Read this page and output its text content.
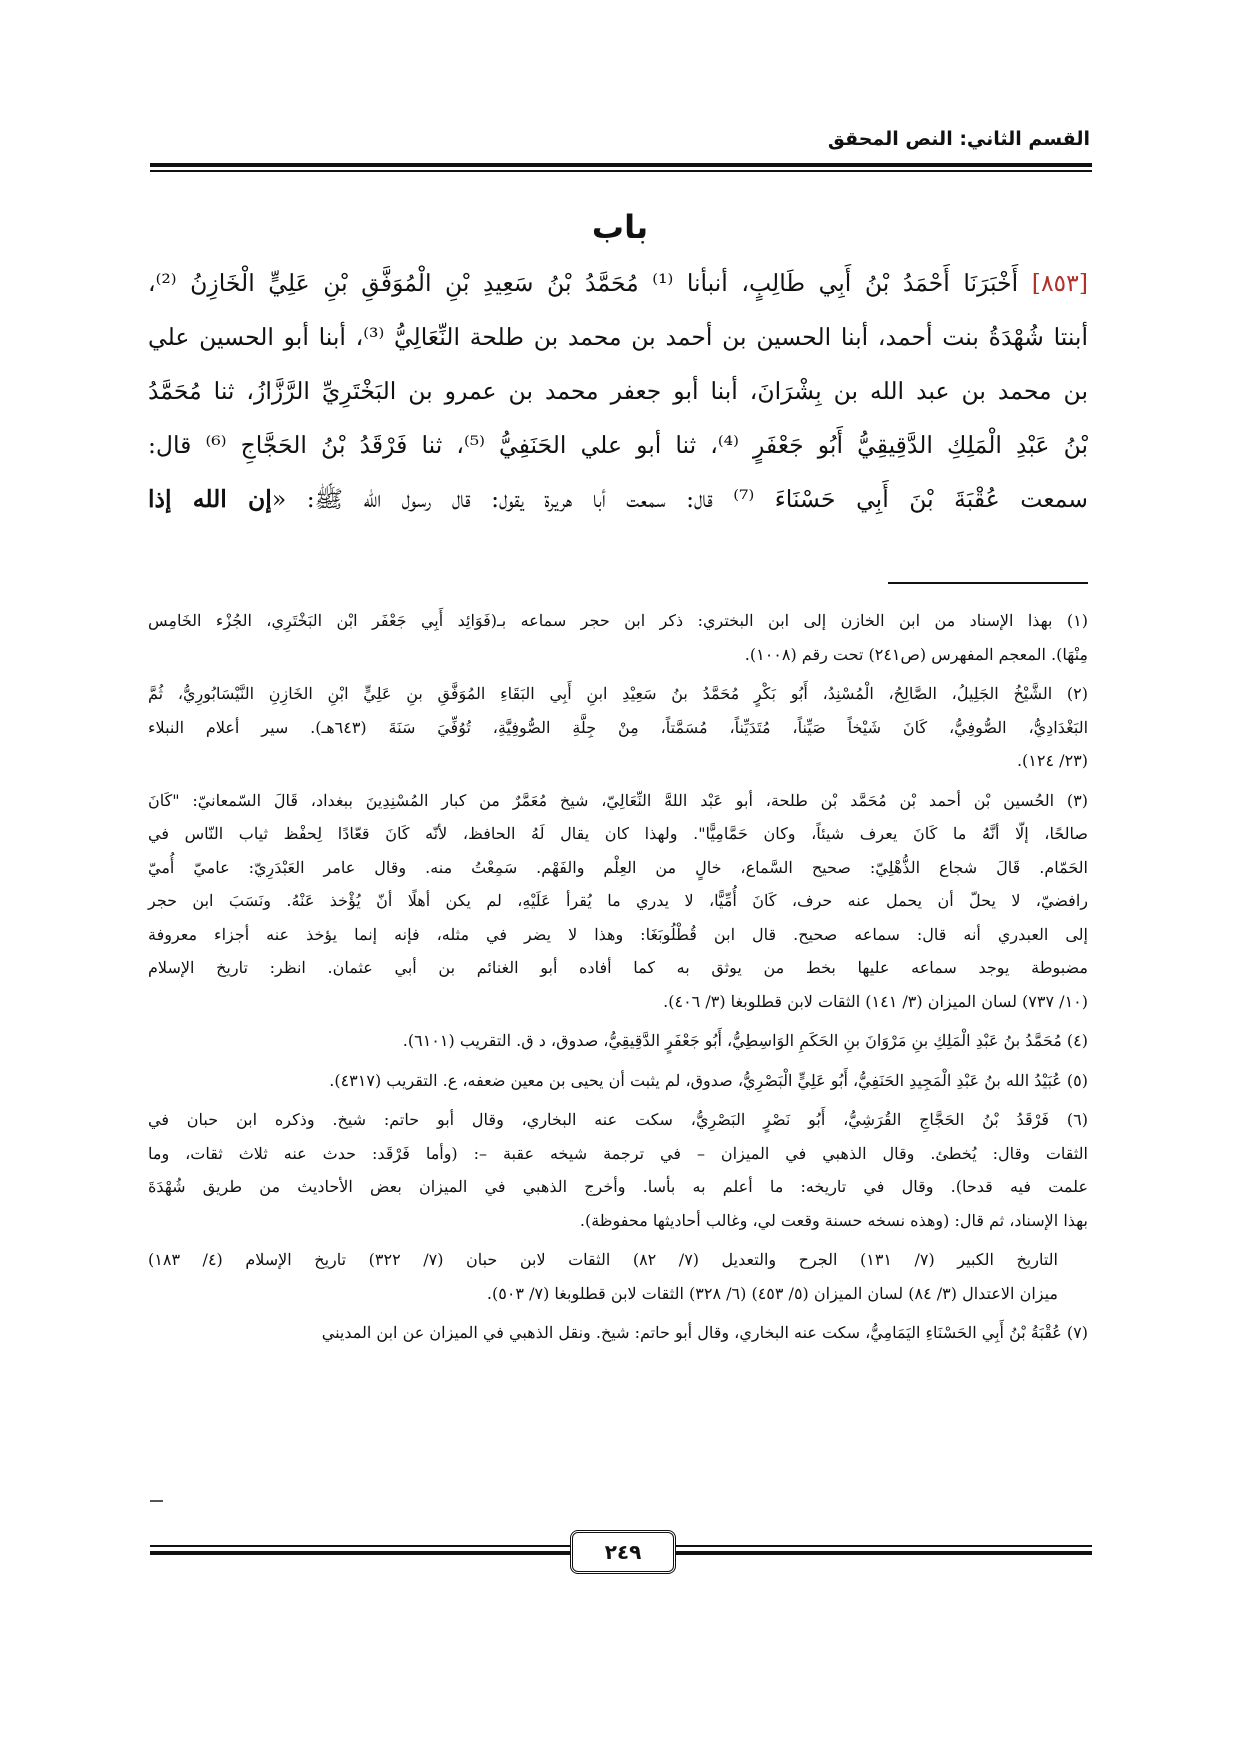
القسم الثاني: النص المحقق
باب
[٨٥٣] أَخْبَرَنَا أَحْمَدُ بْنُ أَبِي طَالِبٍ، أنبأنا ⁽¹⁾ مُحَمَّدُ بْنُ سَعِيدِ بْنِ الْمُوَفَّقِ بْنِ عَلِيٍّ الْخَازِنُ ⁽²⁾،
أبنتا شُهْدَةُ بنت أحمد، أبنا الحسين بن أحمد بن محمد بن طلحة النِّعَالِيُّ ⁽³⁾، أبنا أبو الحسين علي
بن محمد بن عبد الله بن بِشْرَانَ، أبنا أبو جعفر محمد بن عمرو بن البَخْتَرِيِّ الرَّزَّازُ، ثنا مُحَمَّدُ
بْنُ عَبْدِ الْمَلِكِ الدَّقِيقِيُّ أَبُو جَعْفَرٍ ⁽⁴⁾، ثنا أبو علي الحَنَفِيُّ ⁽⁵⁾، ثنا فَرْقَدُ بْنُ الحَجَّاجِ ⁽⁶⁾ قال:
سمعت عُقْبَةَ بْنَ أَبِي حَسْنَاءَ ⁽⁷⁾ قال: سمعت أبا هريرة يقول: قال رسول الله ﷺ: «إن الله إذا
(١) بهذا الإسناد من ابن الخازن إلى ابن البختري: ذكر ابن حجر سماعه بـ(فَوَائِد أَبِي جَعْفَر ابْن البَخْتَرِي، الجُزْء الخَامِس
مِنْهَا). المعجم المفهرس (ص٢٤١) تحت رقم (١٠٠٨).
(٢) الشَّيْخُ الجَلِيلُ، الصَّالِحُ، الْمُسْنِدُ، أَبُو بَكْرٍ مُحَمَّدُ بنُ سَعِيْدِ ابنِ أَبِي البَقَاءِ المُوَفَّقِ بنِ عَلِيٍّ ابْنِ الخَازِنِ النَّيْسَابُورِيُّ، ثُمَّ
البَغْدَادِيُّ، الصُّوفِيُّ، كَانَ شَيْخاً صَيِّناً، مُتَدَيِّناً، مُسَمَّتاً، مِنْ جِلَّةِ الصُّوفِيَّةِ، تُوُفِّيَ سَنَةَ (٦٤٣هـ). سير أعلام النبلاء
(٢٣/ ١٢٤).
(٣) الحُسين بْن أحمد بْن مُحَمَّد بْن طلحة، أبو عَبْد اللهَّ النِّعَالِيّ، شيخ مُعَمَّرٌ من كبار المُسْنِدِينَ ببغداد، قَالَ السّمعانيّ: "كَانَ
صالحًا، إلّا أنَّهُ ما كَانَ يعرف شيئاً، وكان حَمَّامِيًّا". ولهذا كان يقال لَهُ الحافظ، لأنّه كَانَ قعّادًا لِحفْظ ثياب النّاس في
الحَمّام. قَالَ شجاع الذُّهْلِيّ: صحيح السَّماع، خالٍ من العِلْم والفَهْم. سَمِعْتُ منه. وقال عامر العَبْدَرِيّ: عاميّ أُميّ
رافضيّ، لا يحلّ أن يحمل عنه حرف، كَانَ أُمِّيًّا، لا يدري ما يُقرأ عَلَيْهِ، لم يكن أهلًا أنّ يُؤْخذ عَنْهُ. ونَسَبَ ابن حجر
إلى العبدري أنه قال: سماعه صحيح. قال ابن قُطْلُوبَغَا: وهذا لا يضر في مثله، فإنه إنما يؤخذ عنه أجزاء معروفة
مضبوطة يوجد سماعه عليها بخط من يوثق به كما أفاده أبو الغنائم بن أبي عثمان. انظر: تاريخ الإسلام
(١٠/ ٧٣٧) لسان الميزان (٣/ ١٤١) الثقات لابن قطلوبغا (٣/ ٤٠٦).
(٤) مُحَمَّدُ بنُ عَبْدِ الْمَلِكِ بنِ مَرْوَانَ بنِ الحَكَمِ الوَاسِطِيُّ، أَبُو جَعْفَرٍ الدَّقِيقِيُّ، صدوق، د ق. التقريب (٦١٠١).
(٥) عُبَيْدُ الله بنُ عَبْدِ الْمَجِيدِ الحَنَفِيُّ، أَبُو عَلِيٍّ الْبَصْرِيُّ، صدوق، لم يثبت أن يحيى بن معين ضعفه، ع. التقريب (٤٣١٧).
(٦) فَرْقَدُ بْنُ الحَجَّاجِ القُرَشِيُّ، أَبُو نَصْرٍ البَصْرِيُّ، سكت عنه البخاري، وقال أبو حاتم: شيخ. وذكره ابن حبان في
الثقات وقال: يُخطئ. وقال الذهبي في الميزان – في ترجمة شيخه عقبة –: (وأما فَرْقَد: حدث عنه ثلاث ثقات، وما
علمت فيه قدحا). وقال في تاريخه: ما أعلم به بأسا. وأخرج الذهبي في الميزان بعض الأحاديث من طريق شُهْدَةَ
بهذا الإسناد، ثم قال: (وهذه نسخه حسنة وقعت لي، وغالب أحاديثها محفوظة).
التاريخ الكبير (٧/ ١٣١) الجرح والتعديل (٧/ ٨٢) الثقات لابن حبان (٧/ ٣٢٢) تاريخ الإسلام (٤/ ١٨٣)
ميزان الاعتدال (٣/ ٨٤) لسان الميزان (٥/ ٤٥٣) (٦/ ٣٢٨) الثقات لابن قطلوبغا (٧/ ٥٠٣).
(٧) عُقْبَةُ بْنُ أَبِي الحَسْنَاءِ اليَمَامِيُّ، سكت عنه البخاري، وقال أبو حاتم: شيخ. ونقل الذهبي في الميزان عن ابن المديني
٢٤٩
